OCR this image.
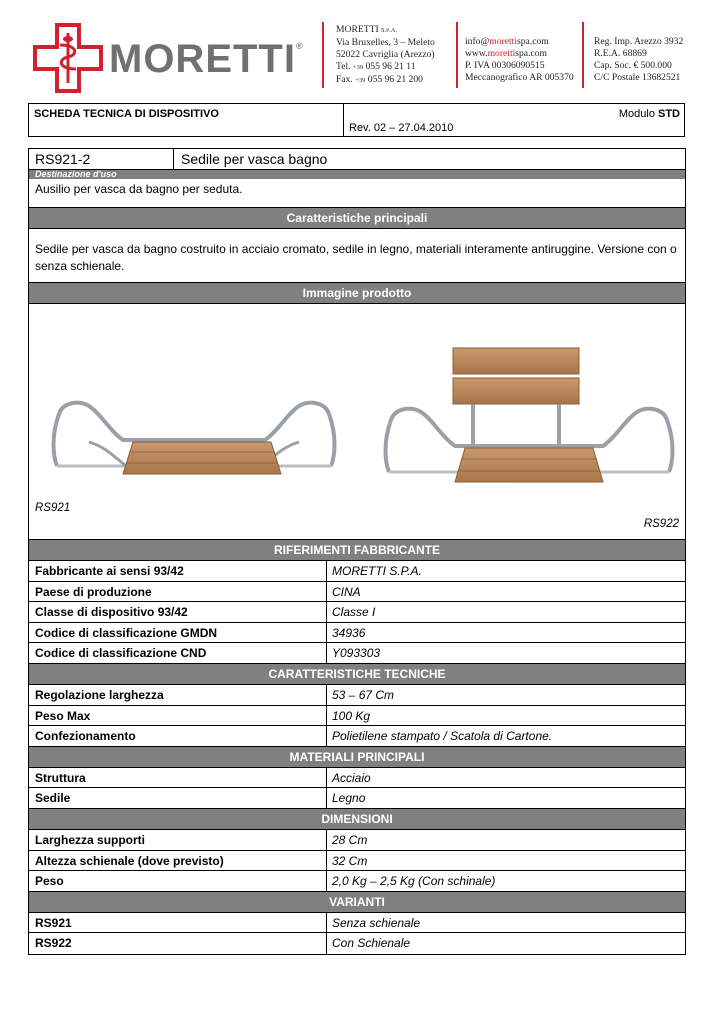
MORETTI®
MORETTI S.p.A.
Via Bruxelles, 3 – Meleto
52022 Cavriglia (Arezzo)
Tel. +39 055 96 21 11
Fax. +39 055 96 21 200
info@morettispa.com
www.morettispa.com
P. IVA 00306090515
Meccanografico AR 005370
Reg. Imp. Arezzo 3932
R.E.A. 68869
Cap. Soc. € 500.000
C/C Postale 13682521
SCHEDA TECNICA DI DISPOSITIVO
Rev. 02 – 27.04.2010
Modulo STD
RS921-2	Sedile per vasca bagno
Destinazione d'uso
Ausilio per vasca da bagno per seduta.
Caratteristiche principali
Sedile per vasca da bagno costruito in acciaio cromato, sedile in legno, materiali interamente antiruggine. Versione con o senza schienale.
Immagine prodotto
RS921
RS922
RIFERIMENTI FABBRICANTE
Fabbricante ai sensi 93/42	MORETTI S.P.A.
Paese di produzione	CINA
Classe di dispositivo 93/42	Classe I
Codice di classificazione GMDN	34936
Codice di classificazione CND	Y093303
CARATTERISTICHE TECNICHE
Regolazione larghezza	53 – 67 Cm
Peso Max	100 Kg
Confezionamento	Polietilene stampato / Scatola di Cartone.
MATERIALI PRINCIPALI
Struttura	Acciaio
Sedile	Legno
DIMENSIONI
Larghezza supporti	28 Cm
Altezza schienale (dove previsto)	32 Cm
Peso	2,0 Kg – 2,5 Kg (Con schinale)
VARIANTI
RS921	Senza schienale
RS922	Con Schienale
